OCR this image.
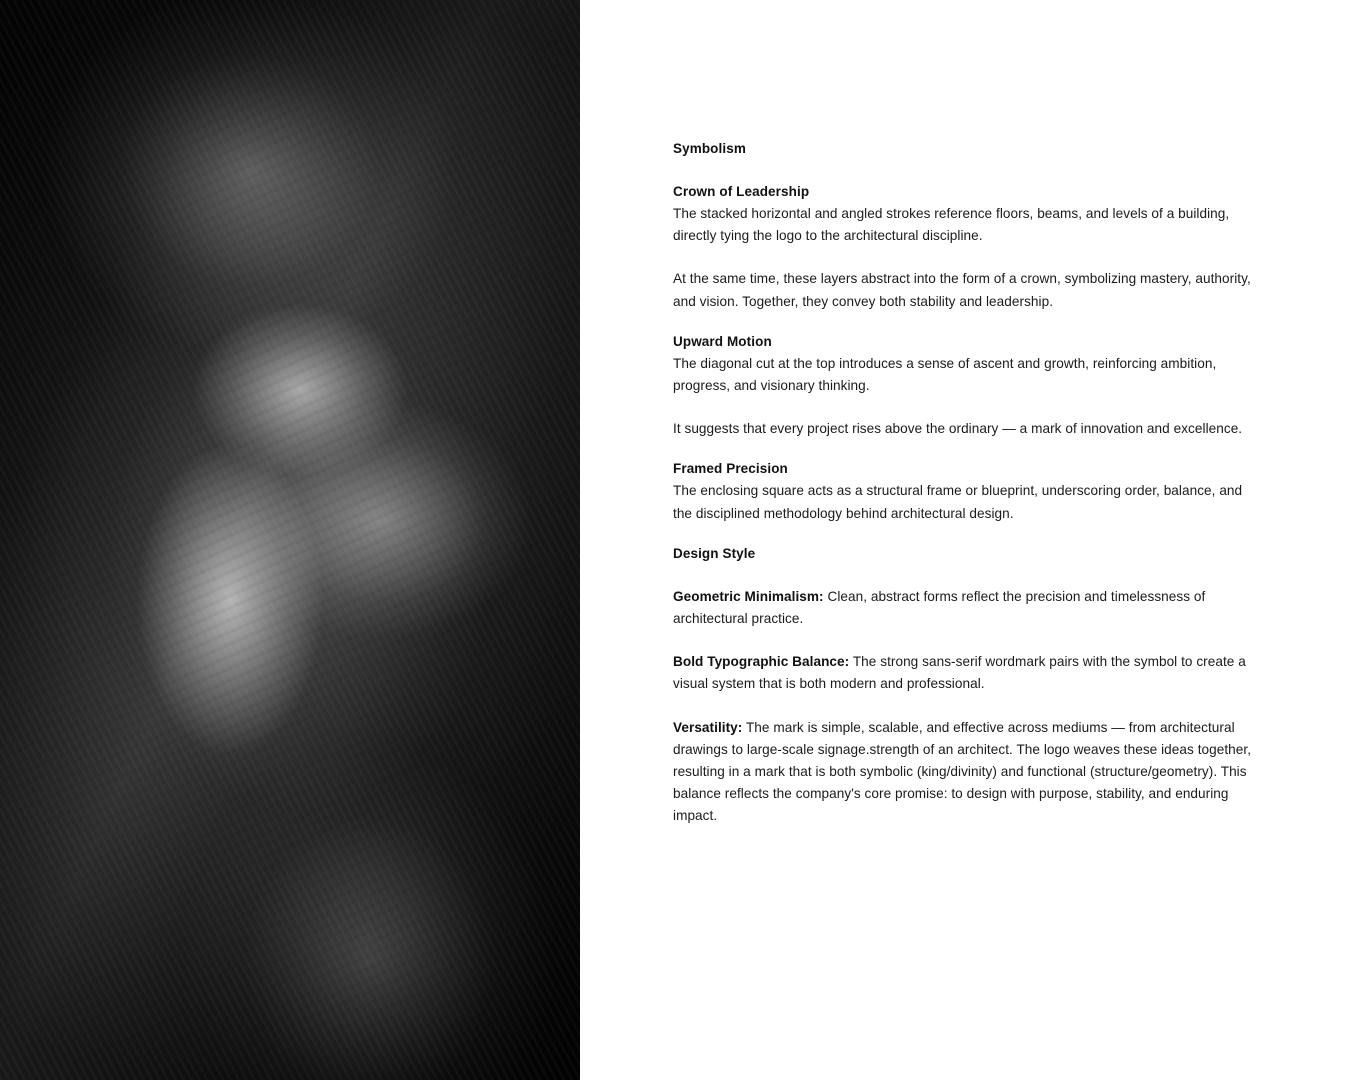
Symbolism
Crown of Leadership

The stacked horizontal and angled strokes reference floors, beams, and levels of a building, directly tying the logo to the architectural discipline.

At the same time, these layers abstract into the form of a crown, symbolizing mastery, authority, and vision. Together, they convey both stability and leadership.

Upward Motion

The diagonal cut at the top introduces a sense of ascent and growth, reinforcing ambition, progress, and visionary thinking.

It suggests that every project rises above the ordinary — a mark of innovation and excellence.

Framed Precision

The enclosing square acts as a structural frame or blueprint, underscoring order, balance, and the disciplined methodology behind architectural design.

Design Style

Geometric Minimalism: Clean, abstract forms reflect the precision and timelessness of architectural practice.

Bold Typographic Balance: The strong sans-serif wordmark pairs with the symbol to create a visual system that is both modern and professional.

Versatility: The mark is simple, scalable, and effective across mediums — from architectural drawings to large-scale signage.strength of an architect. The logo weaves these ideas together, resulting in a mark that is both symbolic (king/divinity) and functional (structure/geometry). This balance reflects the company's core promise: to design with purpose, stability, and enduring impact.
